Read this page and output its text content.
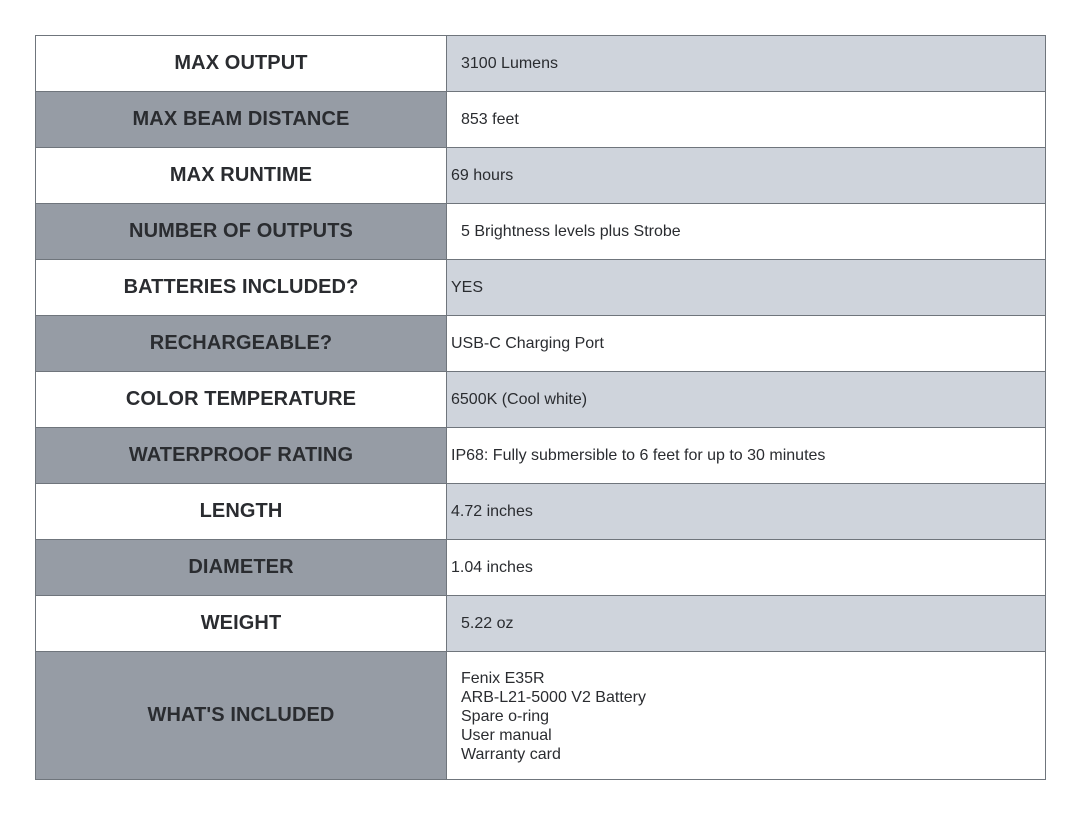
MAX OUTPUT	3100 Lumens
MAX BEAM DISTANCE	853 feet
MAX RUNTIME	69 hours
NUMBER OF OUTPUTS	5 Brightness levels plus Strobe
BATTERIES INCLUDED?	YES
RECHARGEABLE?	USB-C Charging Port
COLOR TEMPERATURE	6500K (Cool white)
WATERPROOF RATING	IP68: Fully submersible to 6 feet for up to 30 minutes
LENGTH	4.72 inches
DIAMETER	1.04 inches
WEIGHT	5.22 oz
WHAT'S INCLUDED	Fenix E35R
ARB-L21-5000 V2 Battery
Spare o-ring
User manual
Warranty card
